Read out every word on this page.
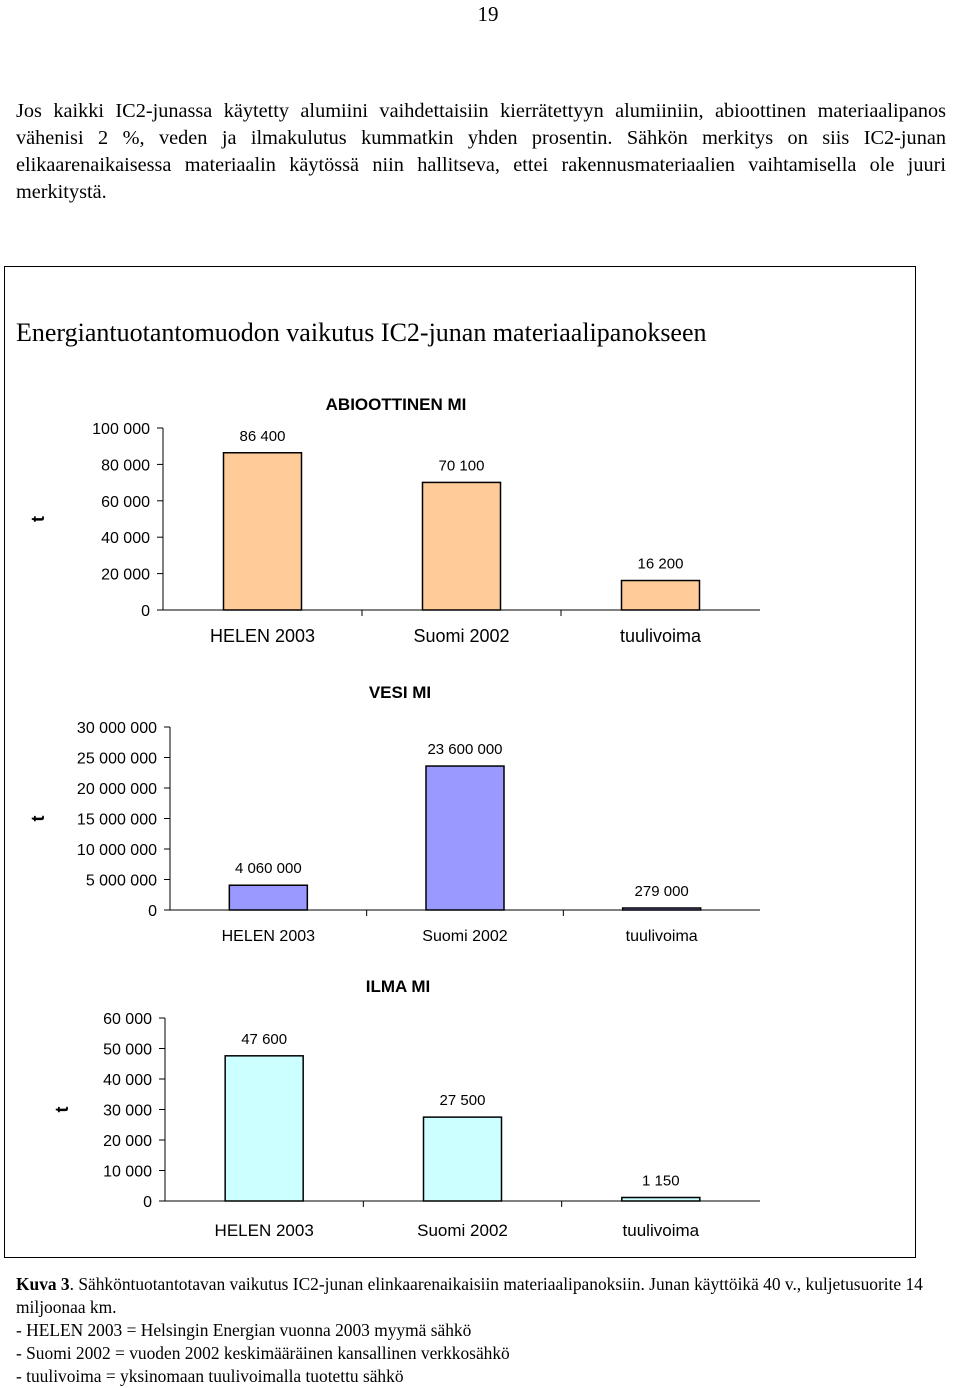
19
Jos kaikki IC2-junassa käytetty alumiini vaihdettaisiin kierrätettyyn alumiiniin, abioottinen materiaalipanos vähenisi 2 %, veden ja ilmakulutus kummatkin yhden prosentin. Sähkön merkitys on siis IC2-junan elikaarenaikaisessa materiaalin käytössä niin hallitseva, ettei rakennusmateriaalien vaihtamisella ole juuri merkitystä.
Energiantuotantomuodon vaikutus IC2-junan materiaalipanokseen
ABIOOTTINEN MI
t
0
20 000
40 000
60 000
80 000
100 000	86 400
HELEN 2003
70 100
Suomi 2002
16 200
tuulivoima
VESI MI
t
0
5 000 000
10 000 000
15 000 000
20 000 000
25 000 000
30 000 000
4 060 000
HELEN 2003
23 600 000
Suomi 2002
279 000
tuulivoima
ILMA MI
t
0
10 000
20 000
30 000
40 000
50 000
60 000
47 600
HELEN 2003
27 500
Suomi 2002
1 150
tuulivoima
Kuva 3. Sähköntuotantotavan vaikutus IC2-junan elinkaarenaikaisiin materiaalipanoksiin. Junan käyttöikä 40 v., kuljetusuorite 14 miljoonaa km.
- HELEN 2003 = Helsingin Energian vuonna 2003 myymä sähkö
- Suomi 2002 = vuoden 2002 keskimääräinen kansallinen verkkosähkö
- tuulivoima = yksinomaan tuulivoimalla tuotettu sähkö
